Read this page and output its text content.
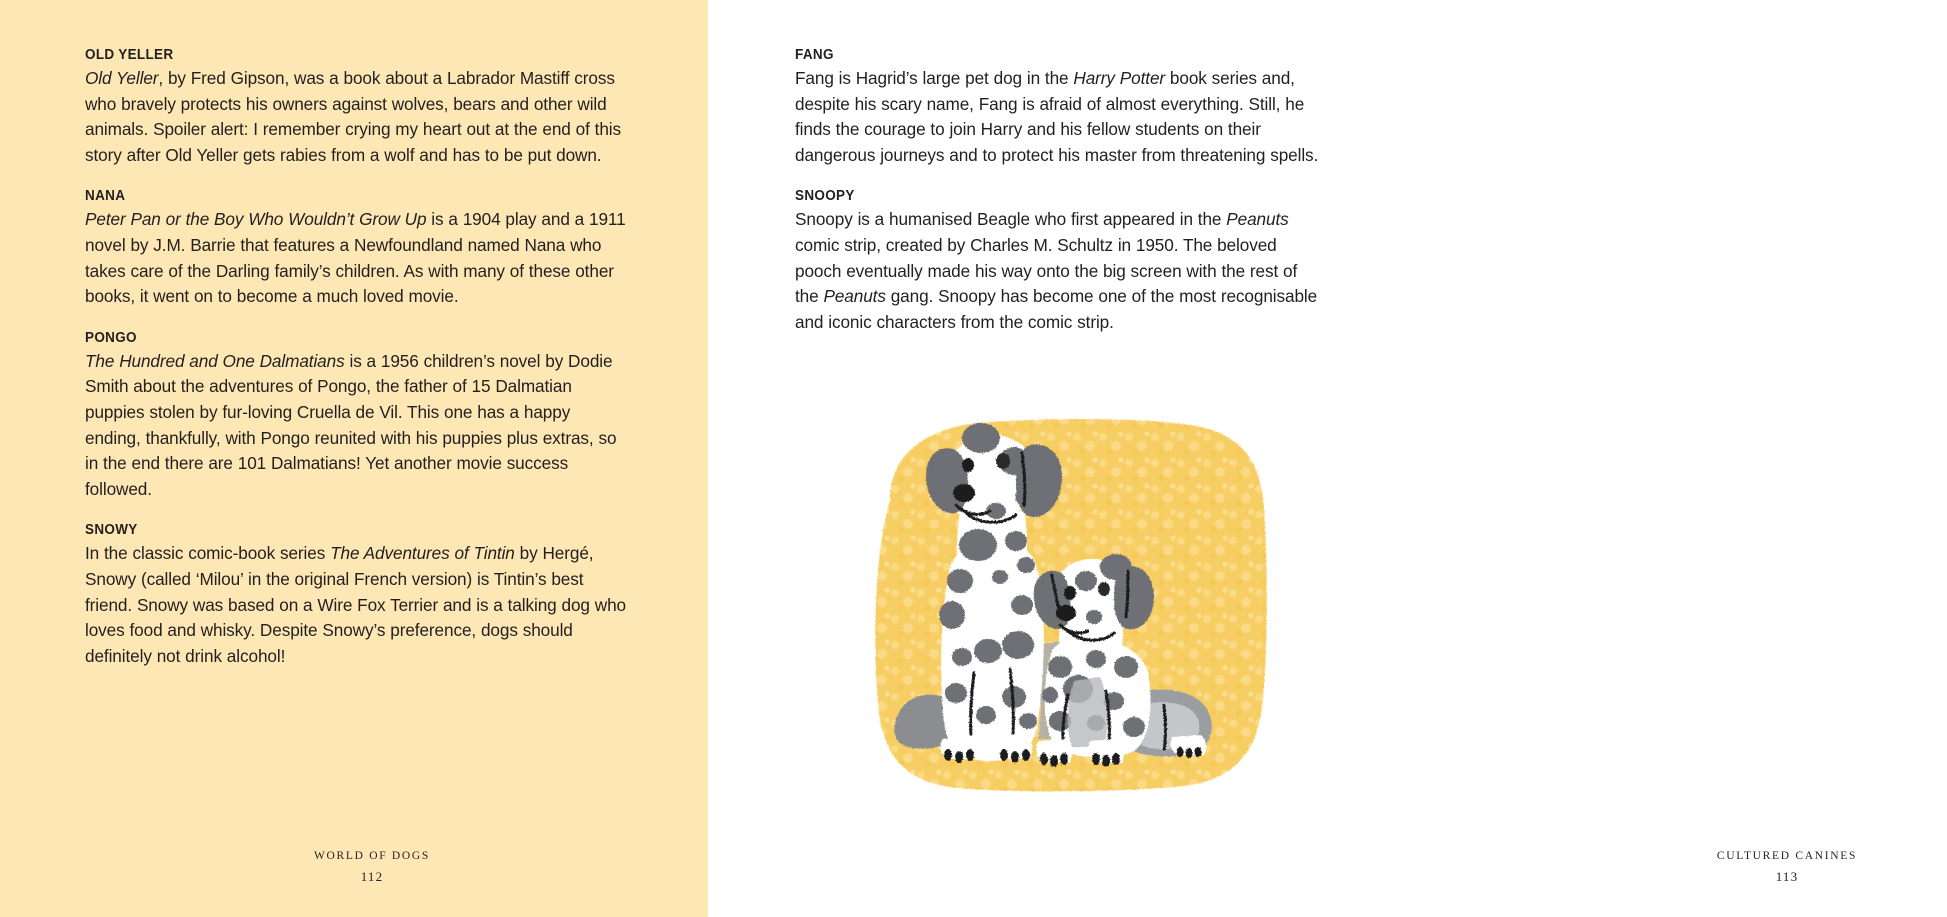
OLD YELLER
Old Yeller, by Fred Gipson, was a book about a Labrador Mastiff cross who bravely protects his owners against wolves, bears and other wild animals. Spoiler alert: I remember crying my heart out at the end of this story after Old Yeller gets rabies from a wolf and has to be put down.
NANA
Peter Pan or the Boy Who Wouldn’t Grow Up is a 1904 play and a 1911 novel by J.M. Barrie that features a Newfoundland named Nana who takes care of the Darling family’s children. As with many of these other books, it went on to become a much loved movie.
PONGO
The Hundred and One Dalmatians is a 1956 children’s novel by Dodie Smith about the adventures of Pongo, the father of 15 Dalmatian puppies stolen by fur-loving Cruella de Vil. This one has a happy ending, thankfully, with Pongo reunited with his puppies plus extras, so in the end there are 101 Dalmatians! Yet another movie success followed.
SNOWY
In the classic comic-book series The Adventures of Tintin by Hergé, Snowy (called ‘Milou’ in the original French version) is Tintin’s best friend. Snowy was based on a Wire Fox Terrier and is a talking dog who loves food and whisky. Despite Snowy’s preference, dogs should definitely not drink alcohol!
WORLD OF DOGS
112
FANG
Fang is Hagrid’s large pet dog in the Harry Potter book series and, despite his scary name, Fang is afraid of almost everything. Still, he finds the courage to join Harry and his fellow students on their dangerous journeys and to protect his master from threatening spells.
SNOOPY
Snoopy is a humanised Beagle who first appeared in the Peanuts comic strip, created by Charles M. Schultz in 1950. The beloved pooch eventually made his way onto the big screen with the rest of the Peanuts gang. Snoopy has become one of the most recognisable and iconic characters from the comic strip.
CULTURED CANINES
113
